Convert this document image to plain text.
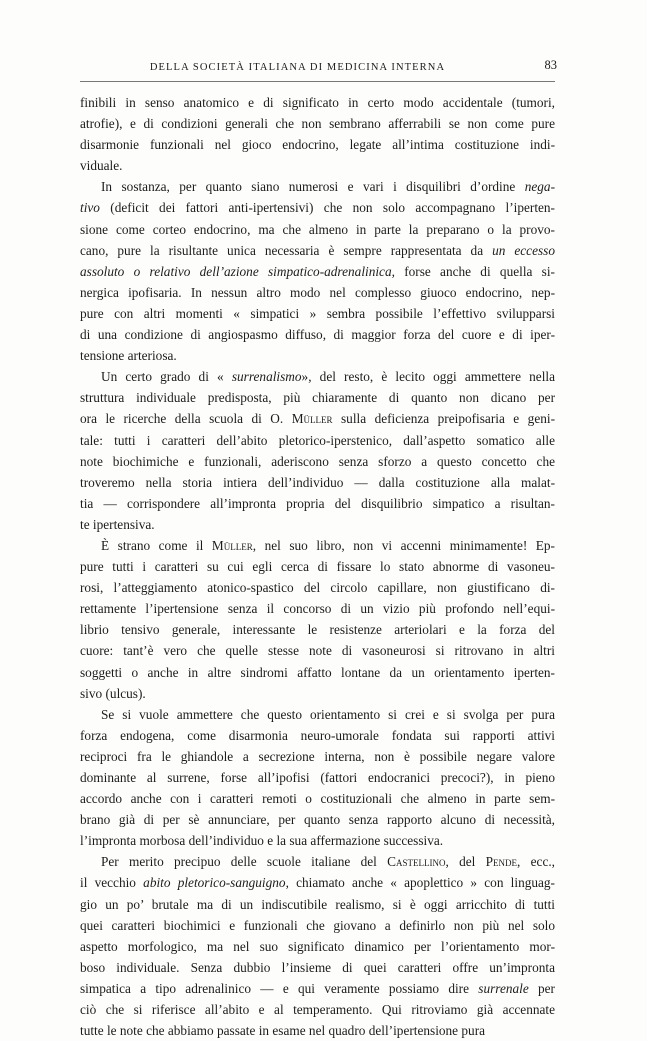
DELLA SOCIETÀ ITALIANA DI MEDICINA INTERNA	83
finibili in senso anatomico e di significato in certo modo accidentale (tumori,
atrofie), e di condizioni generali che non sembrano afferrabili se non come pure
disarmonie funzionali nel gioco endocrino, legate all’intima costituzione indi-
viduale.
In sostanza, per quanto siano numerosi e vari i disquilibri d’ordine nega-
tivo (deficit dei fattori anti-ipertensivi) che non solo accompagnano l’iperten-
sione come corteo endocrino, ma che almeno in parte la preparano o la provo-
cano, pure la risultante unica necessaria è sempre rappresentata da un eccesso
assoluto o relativo dell’azione simpatico-adrenalinica, forse anche di quella si-
nergica ipofisaria. In nessun altro modo nel complesso giuoco endocrino, nep-
pure con altri momenti « simpatici » sembra possibile l’effettivo svilupparsi
di una condizione di angiospasmo diffuso, di maggior forza del cuore e di iper-
tensione arteriosa.
Un certo grado di « surrenalismo», del resto, è lecito oggi ammettere nella
struttura individuale predisposta, più chiaramente di quanto non dicano per
ora le ricerche della scuola di O. Müller sulla deficienza preipofisaria e geni-
tale: tutti i caratteri dell’abito pletorico-iperstenico, dall’aspetto somatico alle
note biochimiche e funzionali, aderiscono senza sforzo a questo concetto che
troveremo nella storia intiera dell’individuo — dalla costituzione alla malat-
tia — corrispondere all’impronta propria del disquilibrio simpatico a risultan-
te ipertensiva.
È strano come il Müller, nel suo libro, non vi accenni minimamente! Ep-
pure tutti i caratteri su cui egli cerca di fissare lo stato abnorme di vasoneu-
rosi, l’atteggiamento atonico-spastico del circolo capillare, non giustificano di-
rettamente l’ipertensione senza il concorso di un vizio più profondo nell’equi-
librio tensivo generale, interessante le resistenze arteriolari e la forza del
cuore: tant’è vero che quelle stesse note di vasoneurosi si ritrovano in altri
soggetti o anche in altre sindromi affatto lontane da un orientamento iperten-
sivo (ulcus).
Se si vuole ammettere che questo orientamento si crei e si svolga per pura
forza endogena, come disarmonia neuro-umorale fondata sui rapporti attivi
reciproci fra le ghiandole a secrezione interna, non è possibile negare valore
dominante al surrene, forse all’ipofisi (fattori endocranici precoci?), in pieno
accordo anche con i caratteri remoti o costituzionali che almeno in parte sem-
brano già di per sè annunciare, per quanto senza rapporto alcuno di necessità,
l’impronta morbosa dell’individuo e la sua affermazione successiva.
Per merito precipuo delle scuole italiane del Castellino, del Pende, ecc.,
il vecchio abito pletorico-sanguigno, chiamato anche « apoplettico » con linguag-
gio un po’ brutale ma di un indiscutibile realismo, si è oggi arricchito di tutti
quei caratteri biochimici e funzionali che giovano a definirlo non più nel solo
aspetto morfologico, ma nel suo significato dinamico per l’orientamento mor-
boso individuale. Senza dubbio l’insieme di quei caratteri offre un’impronta
simpatica a tipo adrenalinico — e qui veramente possiamo dire surrenale per
ciò che si riferisce all’abito e al temperamento. Qui ritroviamo già accennate
tutte le note che abbiamo passate in esame nel quadro dell’ipertensione pura
